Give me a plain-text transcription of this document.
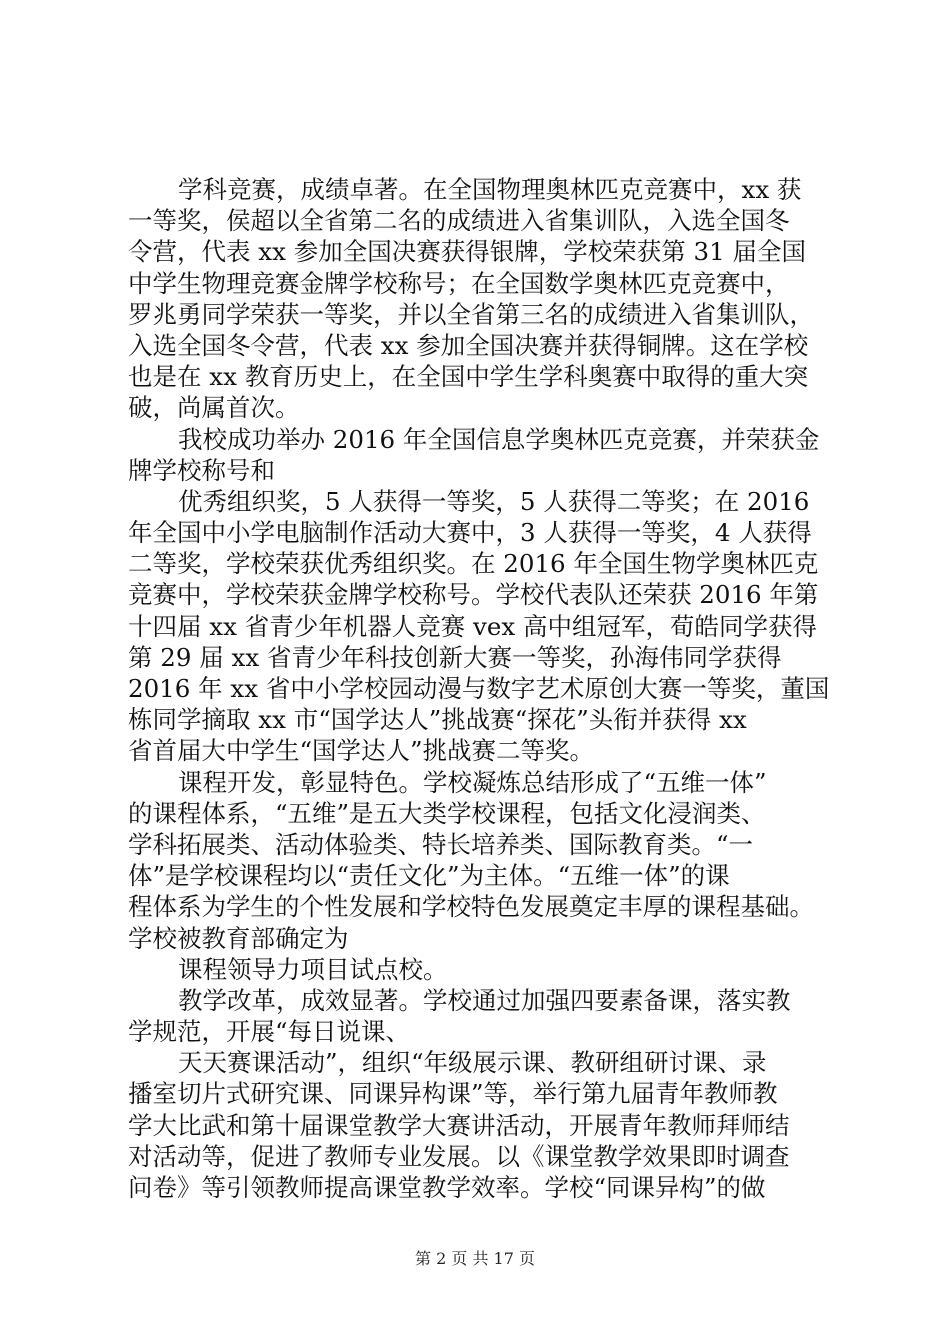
学科竞赛，成绩卓著。在全国物理奥林匹克竞赛中，xx 获
一等奖，侯超以全省第二名的成绩进入省集训队，入选全国冬
令营，代表 xx 参加全国决赛获得银牌，学校荣获第 31 届全国
中学生物理竞赛金牌学校称号；在全国数学奥林匹克竞赛中，
罗兆勇同学荣获一等奖，并以全省第三名的成绩进入省集训队，
入选全国冬令营，代表 xx 参加全国决赛并获得铜牌。这在学校
也是在 xx 教育历史上，在全国中学生学科奥赛中取得的重大突
破，尚属首次。
我校成功举办 2016 年全国信息学奥林匹克竞赛，并荣获金
牌学校称号和
优秀组织奖，5 人获得一等奖，5 人获得二等奖；在 2016
年全国中小学电脑制作活动大赛中，3 人获得一等奖，4 人获得
二等奖，学校荣获优秀组织奖。在 2016 年全国生物学奥林匹克
竞赛中，学校荣获金牌学校称号。学校代表队还荣获 2016 年第
十四届 xx 省青少年机器人竞赛 vex 高中组冠军，荀皓同学获得
第 29 届 xx 省青少年科技创新大赛一等奖，孙海伟同学获得
2016 年 xx 省中小学校园动漫与数字艺术原创大赛一等奖，董国
栋同学摘取 xx 市“国学达人”挑战赛“探花”头衔并获得 xx
省首届大中学生“国学达人”挑战赛二等奖。
课程开发，彰显特色。学校凝炼总结形成了“五维一体”
的课程体系，“五维”是五大类学校课程，包括文化浸润类、
学科拓展类、活动体验类、特长培养类、国际教育类。“一
体”是学校课程均以“责任文化”为主体。“五维一体”的课
程体系为学生的个性发展和学校特色发展奠定丰厚的课程基础。
学校被教育部确定为
课程领导力项目试点校。
教学改革，成效显著。学校通过加强四要素备课，落实教
学规范，开展“每日说课、
天天赛课活动”，组织“年级展示课、教研组研讨课、录
播室切片式研究课、同课异构课”等，举行第九届青年教师教
学大比武和第十届课堂教学大赛讲活动，开展青年教师拜师结
对活动等，促进了教师专业发展。以《课堂教学效果即时调查
问卷》等引领教师提高课堂教学效率。学校“同课异构”的做
第 2 页 共 17 页
